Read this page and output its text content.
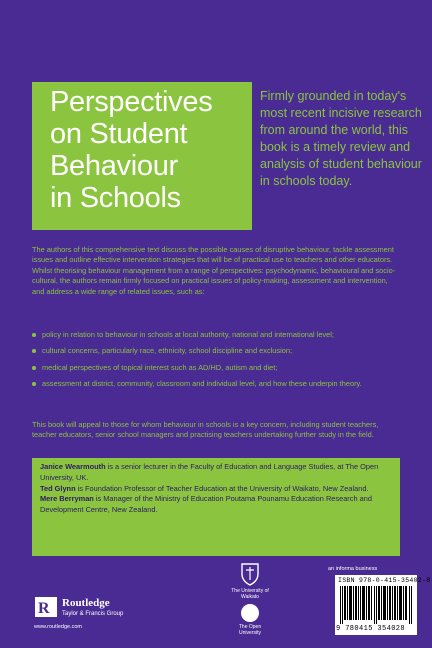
Perspectives
on Student
Behaviour
in Schools
Firmly grounded in today's most recent incisive research from around the world, this book is a timely review and analysis of student behaviour in schools today.
The authors of this comprehensive text discuss the possible causes of disruptive behaviour, tackle assessment issues and outline effective intervention strategies that will be of practical use to teachers and other educators. Whilst theorising behaviour management from a range of perspectives: psychodynamic, behavioural and socio-cultural, the authors remain firmly focused on practical issues of policy-making, assessment and intervention, and address a wide range of related issues, such as:
policy in relation to behaviour in schools at local authority, national and international level;
cultural concerns, particularly race, ethnicity, school discipline and exclusion;
medical perspectives of topical interest such as AD/HD, autism and diet;
assessment at district, community, classroom and individual level, and how these underpin theory.
This book will appeal to those for whom behaviour in schools is a key concern, including student teachers, teacher educators, senior school managers and practising teachers undertaking further study in the field.
Janice Wearmouth is a senior lecturer in the Faculty of Education and Language Studies, at The Open University, UK.
Ted Glynn is Foundation Professor of Teacher Education at the University of Waikato, New Zealand.
Mere Berryman is Manager of the Ministry of Education Poutama Pounamu Education Research and Development Centre, New Zealand.
R Routledge
Taylor & Francis Group
www.routledge.com
The University of Waikato
The Open University
an informa business
ISBN 978-0-415-35402-8
9 780415 354028
